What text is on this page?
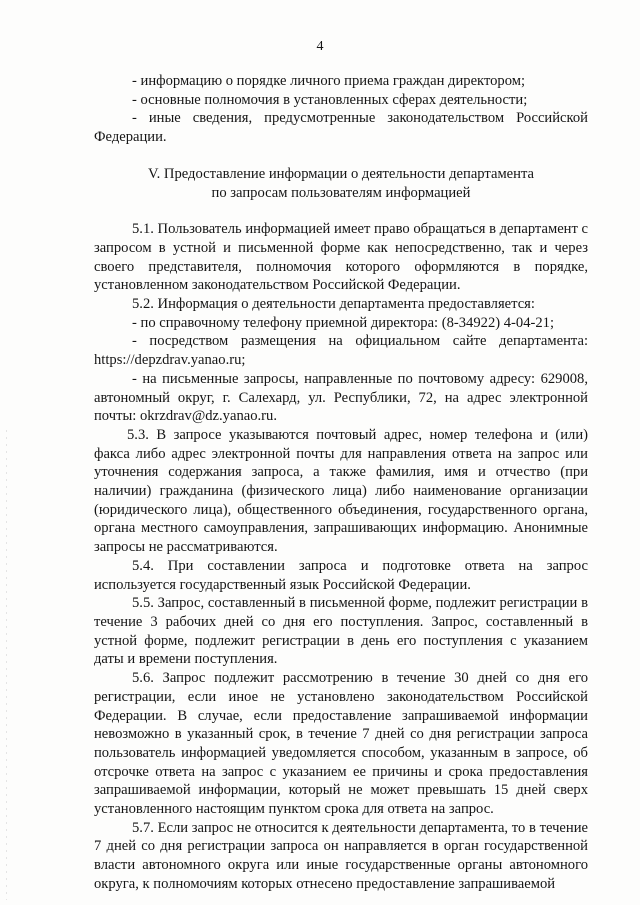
4

- информацию о порядке личного приема граждан директором;

- основные полномочия в установленных сферах деятельности;

- иные сведения, предусмотренные законодательством Российской Федерации.

V. Предоставление информации о деятельности департамента
по запросам пользователям информацией

5.1. Пользователь информацией имеет право обращаться в департамент с запросом в устной и письменной форме как непосредственно, так и через своего представителя, полномочия которого оформляются в порядке, установленном законодательством Российской Федерации.

5.2. Информация о деятельности департамента предоставляется:

- по справочному телефону приемной директора: (8-34922) 4-04-21;

- посредством размещения на официальном сайте департамента: https://depzdrav.yanao.ru;

- на письменные запросы, направленные по почтовому адресу: 629008, автономный округ, г. Салехард, ул. Республики, 72, на адрес электронной почты: okrzdrav@dz.yanao.ru.

5.3. В запросе указываются почтовый адрес, номер телефона и (или) факса либо адрес электронной почты для направления ответа на запрос или уточнения содержания запроса, а также фамилия, имя и отчество (при наличии) гражданина (физического лица) либо наименование организации (юридического лица), общественного объединения, государственного органа, органа местного самоуправления, запрашивающих информацию. Анонимные запросы не рассматриваются.

5.4. При составлении запроса и подготовке ответа на запрос используется государственный язык Российской Федерации.

5.5. Запрос, составленный в письменной форме, подлежит регистрации в течение 3 рабочих дней со дня его поступления. Запрос, составленный в устной форме, подлежит регистрации в день его поступления с указанием даты и времени поступления.

5.6. Запрос подлежит рассмотрению в течение 30 дней со дня его регистрации, если иное не установлено законодательством Российской Федерации. В случае, если предоставление запрашиваемой информации невозможно в указанный срок, в течение 7 дней со дня регистрации запроса пользователь информацией уведомляется способом, указанным в запросе, об отсрочке ответа на запрос с указанием ее причины и срока предоставления запрашиваемой информации, который не может превышать 15 дней сверх установленного настоящим пунктом срока для ответа на запрос.

5.7. Если запрос не относится к деятельности департамента, то в течение 7 дней со дня регистрации запроса он направляется в орган государственной власти автономного округа или иные государственные органы автономного округа, к полномочиям которых отнесено предоставление запрашиваемой
